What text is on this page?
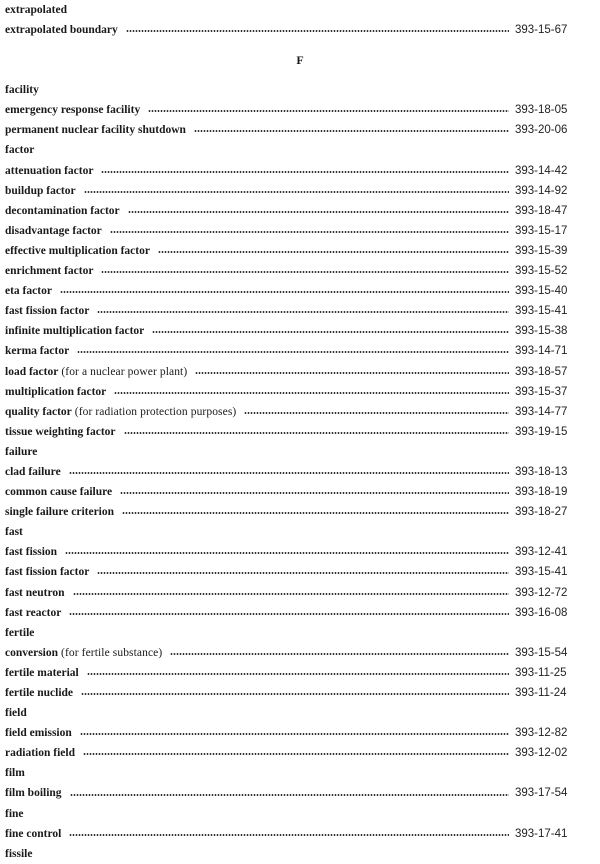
extrapolated
extrapolated boundary	393-15-67
F
facility
emergency response facility	393-18-05
permanent nuclear facility shutdown	393-20-06
factor
attenuation factor	393-14-42
buildup factor	393-14-92
decontamination factor	393-18-47
disadvantage factor	393-15-17
effective multiplication factor	393-15-39
enrichment factor	393-15-52
eta factor	393-15-40
fast fission factor	393-15-41
infinite multiplication factor	393-15-38
kerma factor	393-14-71
load factor (for a nuclear power plant)	393-18-57
multiplication factor	393-15-37
quality factor (for radiation protection purposes)	393-14-77
tissue weighting factor	393-19-15
failure
clad failure	393-18-13
common cause failure	393-18-19
single failure criterion	393-18-27
fast
fast fission	393-12-41
fast fission factor	393-15-41
fast neutron	393-12-72
fast reactor	393-16-08
fertile
conversion (for fertile substance)	393-15-54
fertile material	393-11-25
fertile nuclide	393-11-24
field
field emission	393-12-82
radiation field	393-12-02
film
film boiling	393-17-54
fine
fine control	393-17-41
fissile
